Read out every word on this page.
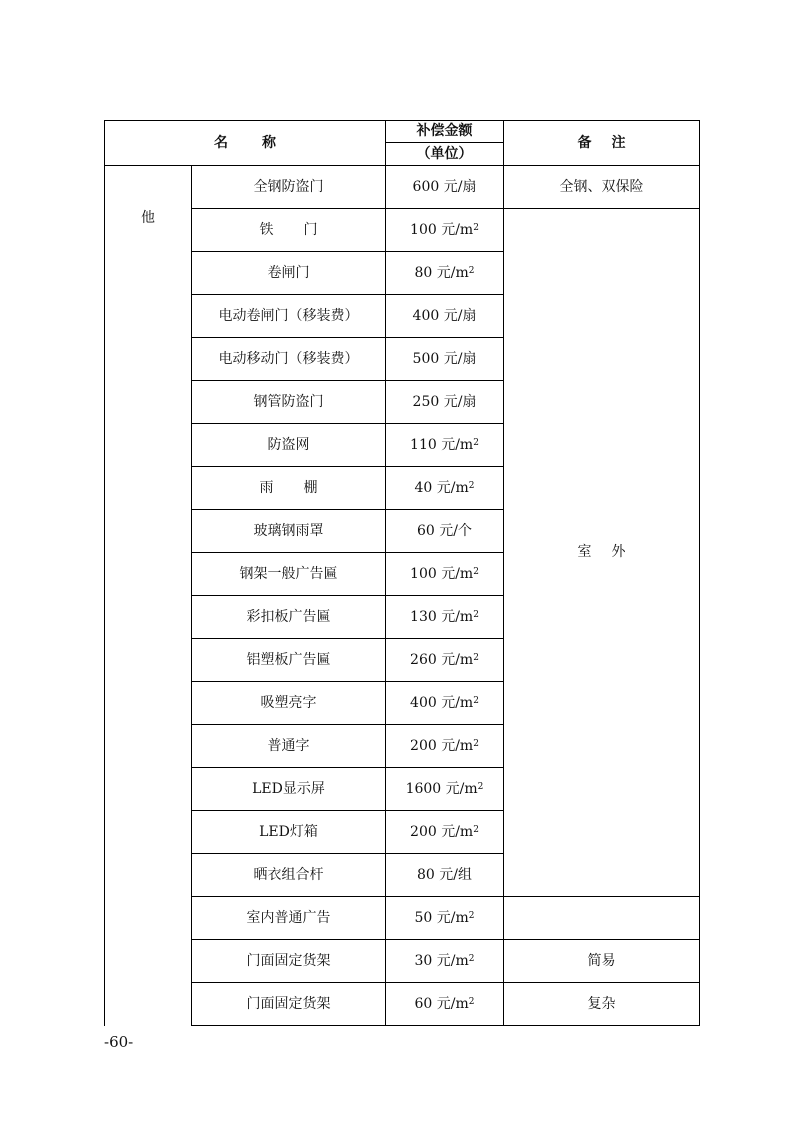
名称		补偿金额	备注
		（单位）	
他	全钢防盗门	600 元/扇	全钢、双保险
	铁门	100 元$/m^2$	室外
	卷闸门	80 元$/m^2$
	电动卷闸门（移装费）	400 元/扇	
	电动移动门（移装费）	500 元/扇	
	钢管防盗门	250 元/扇	
	防盗网	110 元$/m^2$
	雨棚	40 元$/m^2$
	玻璃钢雨罩	60 元/个	
	钢架一般广告匾	100 元$/m^2$
	彩扣板广告匾	130 元$/m^2$
	铝塑板广告匾	260 元$/m^2$
	吸塑亮字	400 元$/m^2$
	普通字	200 元$/m^2$
	LED显示屏	1600 元$/m^2$
	LED灯箱	200 元$/m^2$
	晒衣组合杆	80 元/组	
	室内普通广告	50 元$/m^2$	
	门面固定货架	30 元$/m^2$	简易
	门面固定货架	60 元$/m^2$	复杂
-60-
